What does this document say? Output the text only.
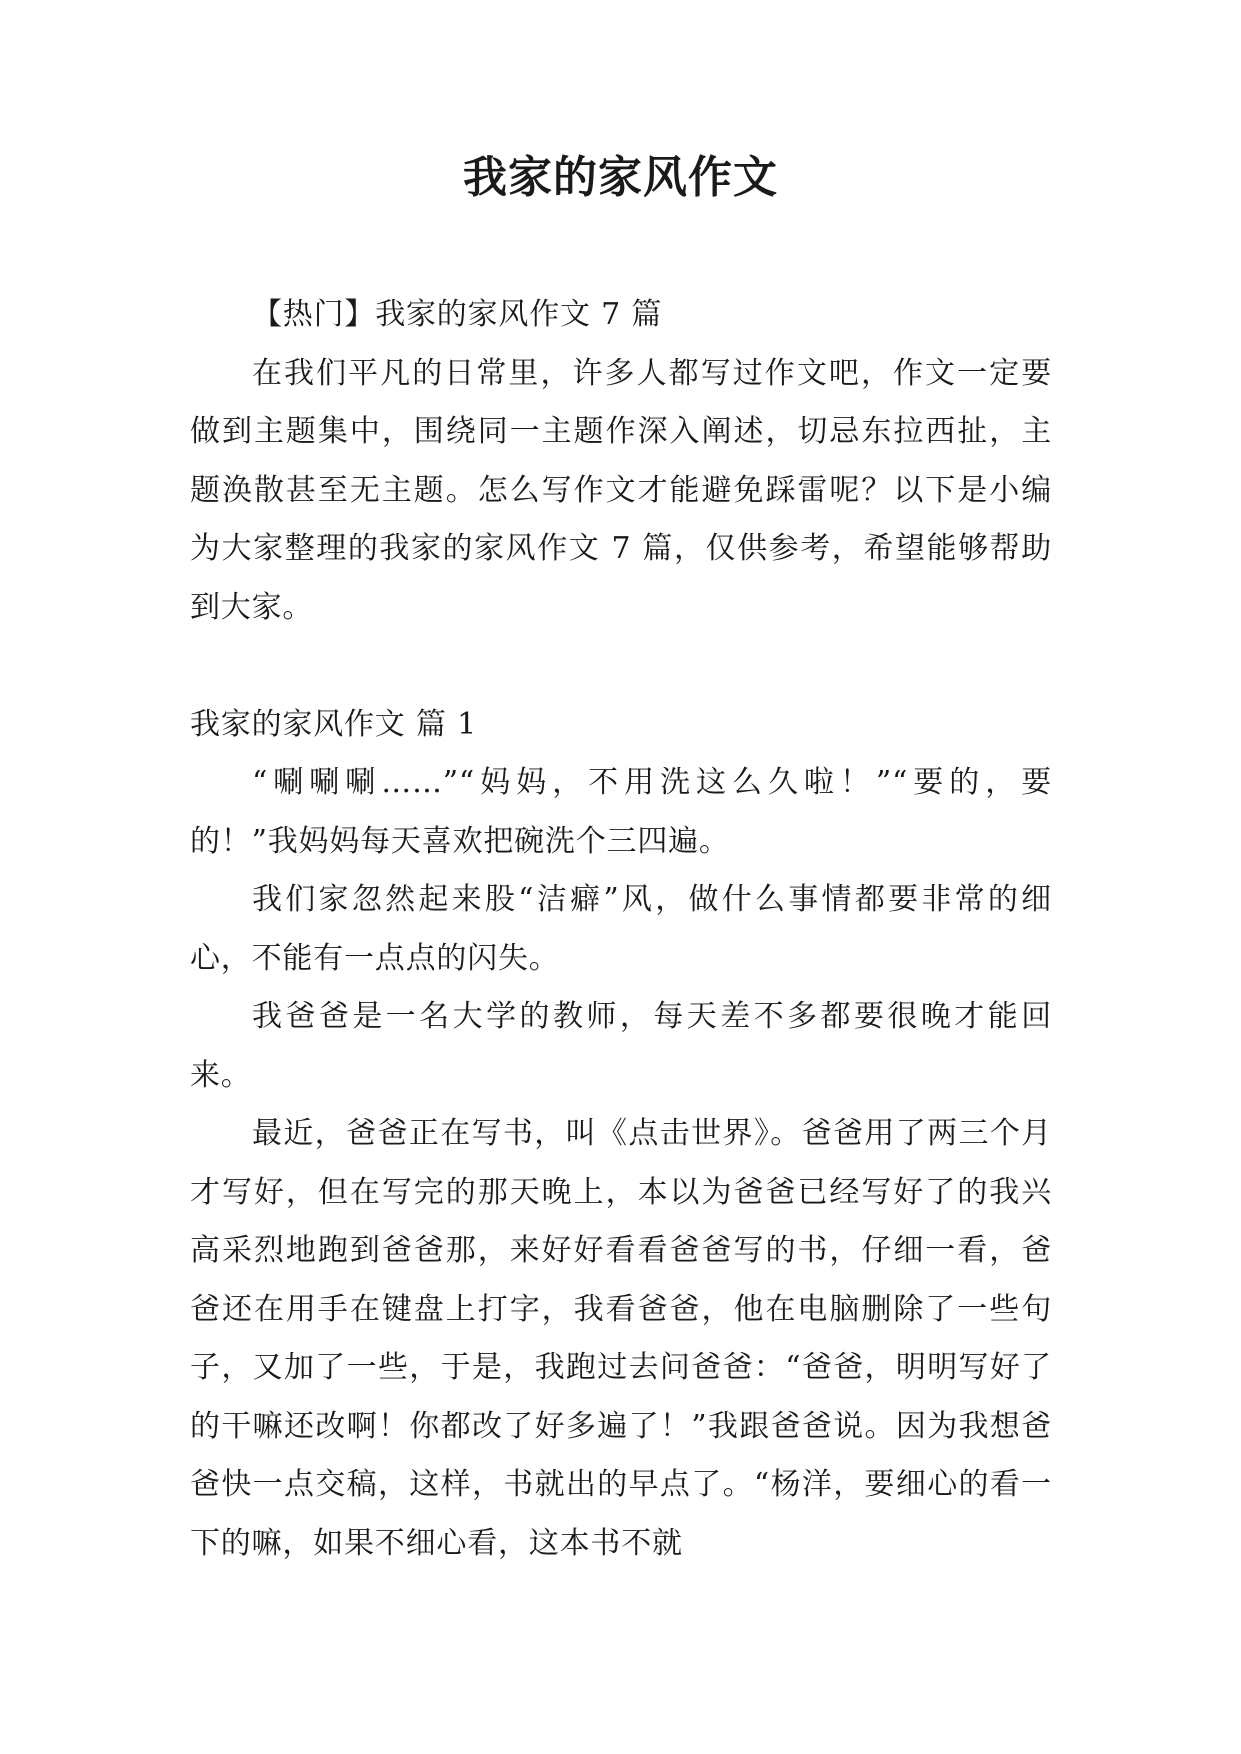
我家的家风作文

【热门】我家的家风作文 7 篇

在我们平凡的日常里，许多人都写过作文吧，作文一定要做到主题集中，围绕同一主题作深入阐述，切忌东拉西扯，主题涣散甚至无主题。怎么写作文才能避免踩雷呢？以下是小编为大家整理的我家的家风作文 7 篇，仅供参考，希望能够帮助到大家。

我家的家风作文 篇 1

“唰唰唰……”“妈妈，不用洗这么久啦！”“要的，要的！”我妈妈每天喜欢把碗洗个三四遍。

我们家忽然起来股“洁癖”风，做什么事情都要非常的细心，不能有一点点的闪失。

我爸爸是一名大学的教师，每天差不多都要很晚才能回来。

最近，爸爸正在写书，叫《点击世界》。爸爸用了两三个月才写好，但在写完的那天晚上，本以为爸爸已经写好了的我兴高采烈地跑到爸爸那，来好好看看爸爸写的书，仔细一看，爸爸还在用手在键盘上打字，我看爸爸，他在电脑删除了一些句子，又加了一些，于是，我跑过去问爸爸：“爸爸，明明写好了的干嘛还改啊！你都改了好多遍了！”我跟爸爸说。因为我想爸爸快一点交稿，这样，书就出的早点了。“杨洋，要细心的看一下的嘛，如果不细心看，这本书不就
